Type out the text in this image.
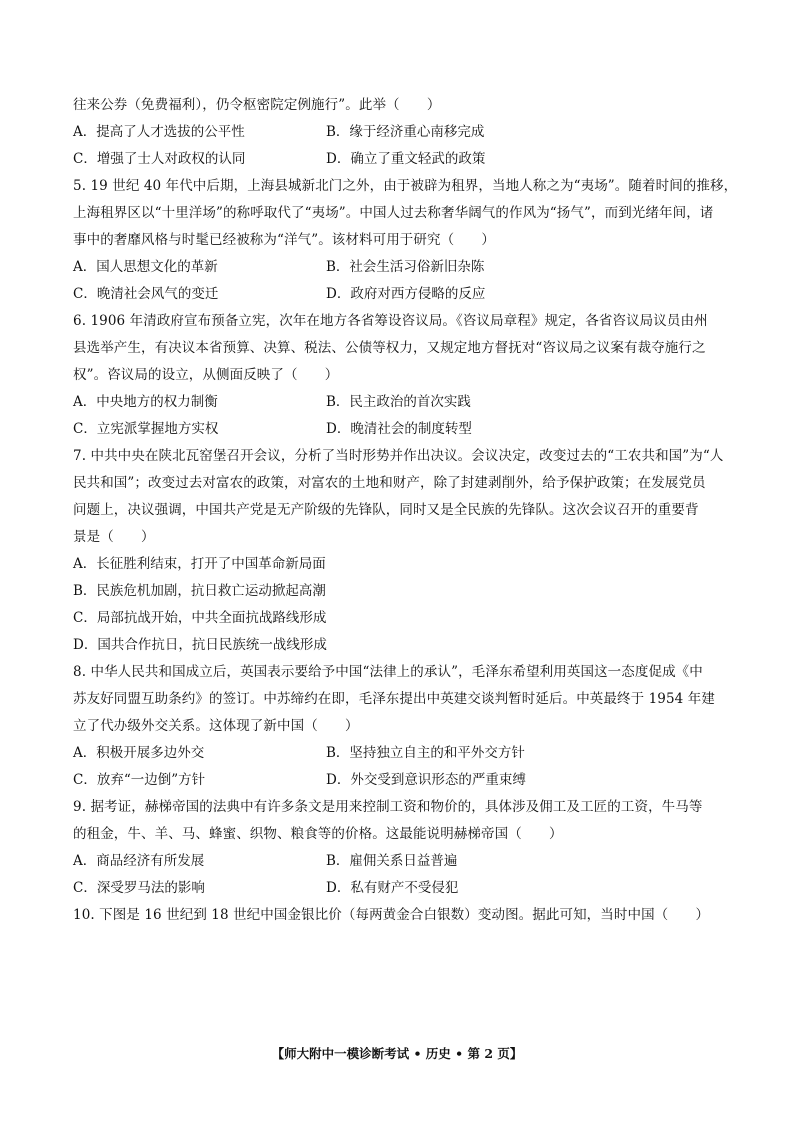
往来公券（免费福利），仍令枢密院定例施行”。此举（　　）
A．提高了人才选拔的公平性	B．缘于经济重心南移完成
C．增强了士人对政权的认同	D．确立了重文轻武的政策
5. 19 世纪 40 年代中后期，上海县城新北门之外，由于被辟为租界，当地人称之为“夷场”。随着时间的推移，
上海租界区以“十里洋场”的称呼取代了“夷场”。中国人过去称奢华阔气的作风为“扬气”，而到光绪年间，诸
事中的奢靡风格与时髦已经被称为“洋气”。该材料可用于研究（　　）
A．国人思想文化的革新	B．社会生活习俗新旧杂陈
C．晚清社会风气的变迁	D．政府对西方侵略的反应
6. 1906 年清政府宣布预备立宪，次年在地方各省筹设咨议局。《咨议局章程》规定，各省咨议局议员由州
县选举产生，有决议本省预算、决算、税法、公债等权力，又规定地方督抚对“咨议局之议案有裁夺施行之
权”。咨议局的设立，从侧面反映了（　　）
A．中央地方的权力制衡	B．民主政治的首次实践
C．立宪派掌握地方实权	D．晚清社会的制度转型
7. 中共中央在陕北瓦窑堡召开会议，分析了当时形势并作出决议。会议决定，改变过去的“工农共和国”为“人
民共和国”；改变过去对富农的政策，对富农的土地和财产，除了封建剥削外，给予保护政策；在发展党员
问题上，决议强调，中国共产党是无产阶级的先锋队，同时又是全民族的先锋队。这次会议召开的重要背
景是（　　）
A．长征胜利结束，打开了中国革命新局面
B．民族危机加剧，抗日救亡运动掀起高潮
C．局部抗战开始，中共全面抗战路线形成
D．国共合作抗日，抗日民族统一战线形成
8. 中华人民共和国成立后，英国表示要给予中国“法律上的承认”，毛泽东希望利用英国这一态度促成《中
苏友好同盟互助条约》的签订。中苏缔约在即，毛泽东提出中英建交谈判暂时延后。中英最终于 1954 年建
立了代办级外交关系。这体现了新中国（　　）
A．积极开展多边外交	B．坚持独立自主的和平外交方针
C．放弃“一边倒”方针	D．外交受到意识形态的严重束缚
9. 据考证，赫梯帝国的法典中有许多条文是用来控制工资和物价的，具体涉及佣工及工匠的工资，牛马等
的租金，牛、羊、马、蜂蜜、织物、粮食等的价格。这最能说明赫梯帝国（　　）
A．商品经济有所发展	B．雇佣关系日益普遍
C．深受罗马法的影响	D．私有财产不受侵犯
10. 下图是 16 世纪到 18 世纪中国金银比价（每两黄金合白银数）变动图。据此可知，当时中国（　　）
【师大附中一模诊断考试 • 历史 • 第 2 页】
